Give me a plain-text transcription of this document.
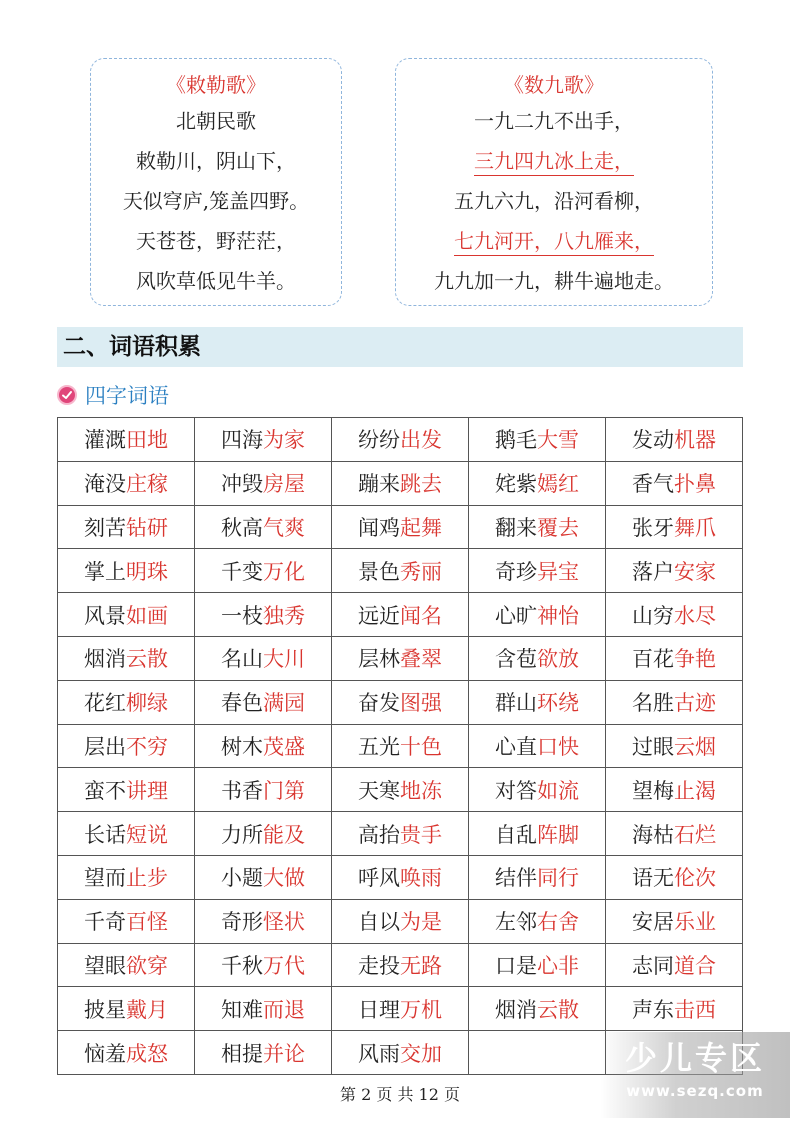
《敕勒歌》
北朝民歌
敕勒川，阴山下，
天似穹庐,笼盖四野。
天苍苍，野茫茫，
风吹草低见牛羊。
《数九歌》
一九二九不出手，
三九四九冰上走，
五九六九，沿河看柳，
七九河开，八九雁来，
九九加一九，耕牛遍地走。
二、词语积累
四字词语
灌溉田地	四海为家	纷纷出发	鹅毛大雪	发动机器
淹没庄稼	冲毁房屋	蹦来跳去	姹紫嫣红	香气扑鼻
刻苦钻研	秋高气爽	闻鸡起舞	翻来覆去	张牙舞爪
掌上明珠	千变万化	景色秀丽	奇珍异宝	落户安家
风景如画	一枝独秀	远近闻名	心旷神怡	山穷水尽
烟消云散	名山大川	层林叠翠	含苞欲放	百花争艳
花红柳绿	春色满园	奋发图强	群山环绕	名胜古迹
层出不穷	树木茂盛	五光十色	心直口快	过眼云烟
蛮不讲理	书香门第	天寒地冻	对答如流	望梅止渴
长话短说	力所能及	高抬贵手	自乱阵脚	海枯石烂
望而止步	小题大做	呼风唤雨	结伴同行	语无伦次
千奇百怪	奇形怪状	自以为是	左邻右舍	安居乐业
望眼欲穿	千秋万代	走投无路	口是心非	志同道合
披星戴月	知难而退	日理万机	烟消云散	声东击西
恼羞成怒	相提并论	风雨交加		
第 2 页 共 12 页
少儿专区
www.sezq.com
